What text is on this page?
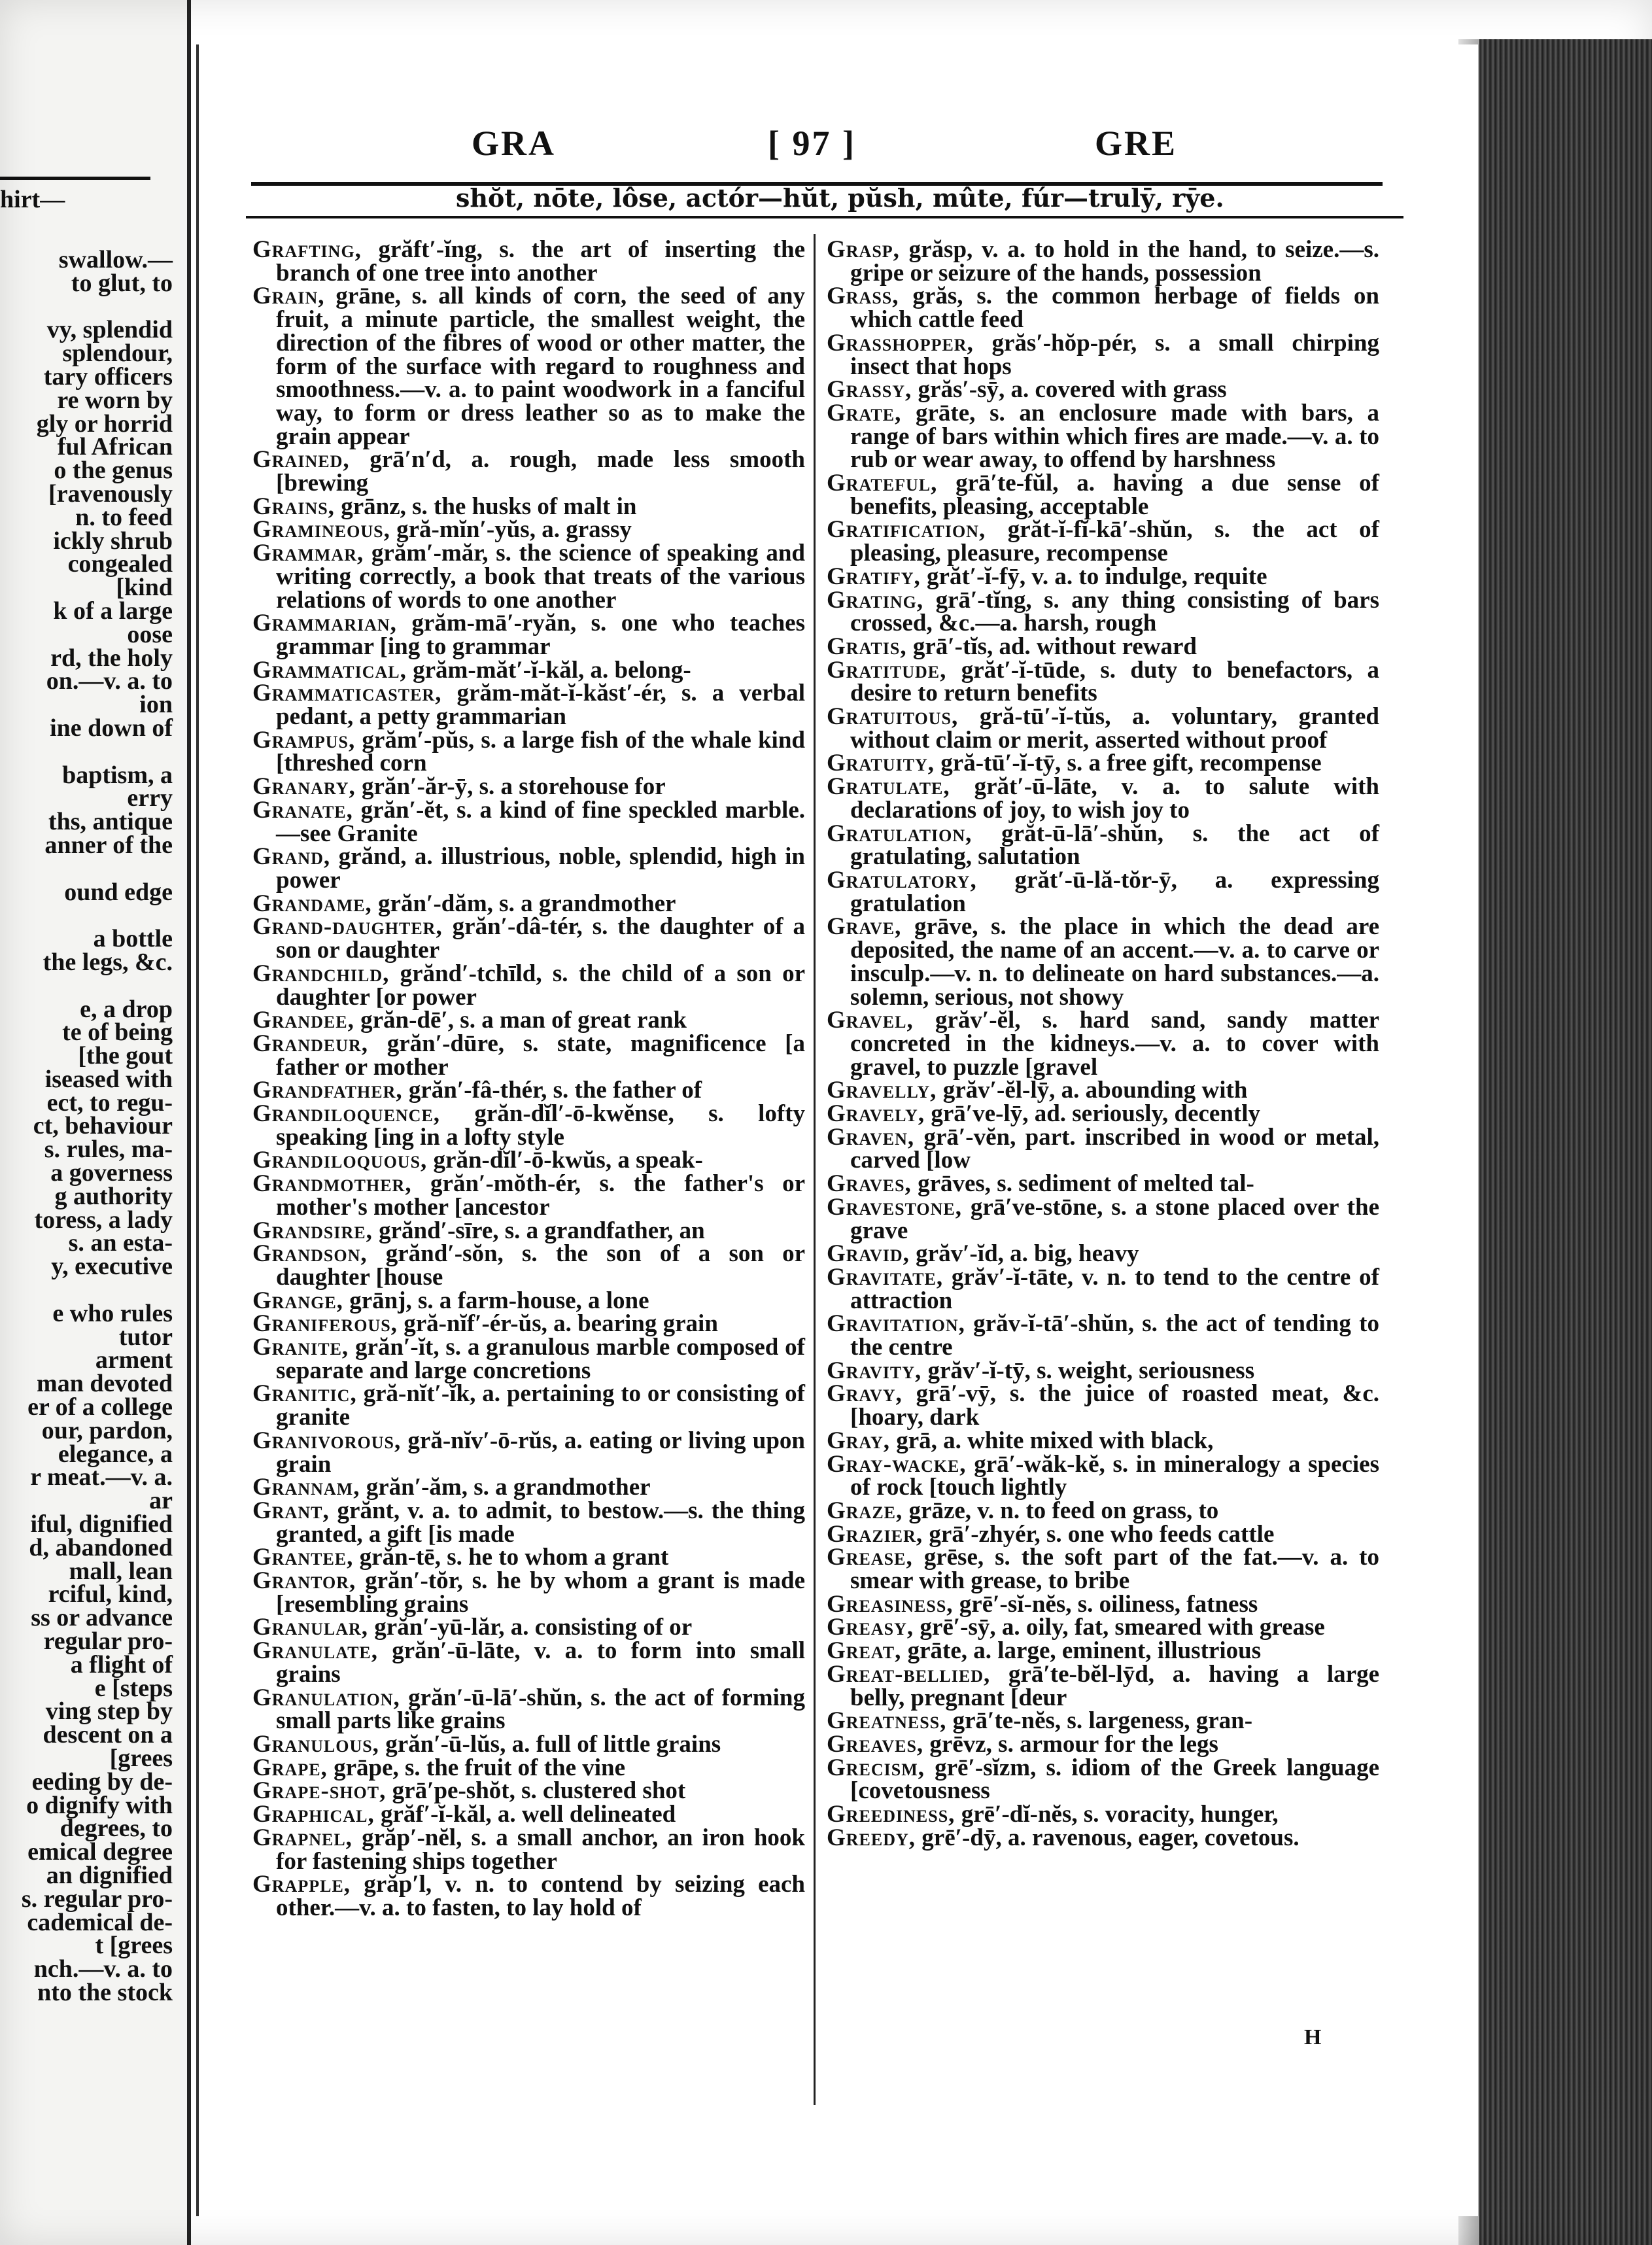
hirt—
swallow.—
to glut, to

vy, splendid
splendour,
tary officers
re worn by
gly or horrid
ful African
o the genus
[ravenously
n. to feed
ickly shrub
congealed
[kind
k of a large
oose
rd, the holy
on.—v. a. to
ion
ine down of

baptism, a
erry
ths, antique
anner of the

ound edge

a bottle
the legs, &c.

e, a drop
te of being
[the gout
iseased with
ect, to regu-
ct, behaviour
s. rules, ma-
a governess
g authority
toress, a lady
s. an esta-
y, executive

e who rules
tutor
arment
man devoted
er of a college
our, pardon,
elegance, a
r meat.—v. a.
ar
iful, dignified
d, abandoned
mall, lean
rciful, kind,
ss or advance
regular pro-
a flight of
e [steps
ving step by
descent on a
[grees
eeding by de-
o dignify with
degrees, to
emical degree
an dignified
s. regular pro-
cademical de-
t [grees
nch.—v. a. to
nto the stock
GRA	[ 97 ]	GRE
shŏt, nōte, lôse, actór—hŭt, pŭsh, mûte, fúr—trulȳ, rȳe.

Grafting, grăft′-ĭng, s. the art of inserting the branch of one tree into another

Grain, grāne, s. all kinds of corn, the seed of any fruit, a minute particle, the smallest weight, the direction of the fibres of wood or other matter, the form of the surface with regard to roughness and smoothness.—v. a. to paint woodwork in a fanciful way, to form or dress leather so as to make the grain appear

Grained, grā′n′d, a. rough, made less smooth [brewing

Grains, grānz, s. the husks of malt in

Gramineous, gră-mĭn′-yŭs, a. grassy

Grammar, grăm′-măr, s. the science of speaking and writing correctly, a book that treats of the various relations of words to one another

Grammarian, grăm-mā′-ryăn, s. one who teaches grammar [ing to grammar

Grammatical, grăm-măt′-ĭ-kăl, a. belong-

Grammaticaster, grăm-măt-ĭ-kăst′-ér, s. a verbal pedant, a petty grammarian

Grampus, grăm′-pŭs, s. a large fish of the whale kind [threshed corn

Granary, grăn′-ăr-ȳ, s. a storehouse for

Granate, grăn′-ĕt, s. a kind of fine speckled marble.—see Granite

Grand, grănd, a. illustrious, noble, splendid, high in power

Grandame, grăn′-dăm, s. a grandmother

Grand-daughter, grăn′-dâ-tér, s. the daughter of a son or daughter

Grandchild, grănd′-tchīld, s. the child of a son or daughter [or power

Grandee, grăn-dē′, s. a man of great rank

Grandeur, grăn′-dūre, s. state, magnificence [a father or mother

Grandfather, grăn′-fâ-thér, s. the father of

Grandiloquence, grăn-dĭl′-ō-kwĕnse, s. lofty speaking [ing in a lofty style

Grandiloquous, grăn-dĭl′-ō-kwŭs, a speak-

Grandmother, grăn′-mŏth-ér, s. the father's or mother's mother [ancestor

Grandsire, grănd′-sīre, s. a grandfather, an

Grandson, grănd′-sŏn, s. the son of a son or daughter [house

Grange, grānj, s. a farm-house, a lone

Graniferous, gră-nĭf′-ér-ŭs, a. bearing grain

Granite, grăn′-ĭt, s. a granulous marble composed of separate and large concretions

Granitic, gră-nĭt′-ĭk, a. pertaining to or consisting of granite

Granivorous, gră-nĭv′-ō-rŭs, a. eating or living upon grain

Grannam, grăn′-ăm, s. a grandmother

Grant, grănt, v. a. to admit, to bestow.—s. the thing granted, a gift [is made

Grantee, grăn-tē, s. he to whom a grant

Grantor, grăn′-tŏr, s. he by whom a grant is made [resembling grains

Granular, grăn′-yū-lăr, a. consisting of or

Granulate, grăn′-ū-lāte, v. a. to form into small grains

Granulation, grăn′-ū-lā′-shŭn, s. the act of forming small parts like grains

Granulous, grăn′-ū-lŭs, a. full of little grains

Grape, grāpe, s. the fruit of the vine

Grape-shot, grā′pe-shŏt, s. clustered shot

Graphical, grăf′-ĭ-kăl, a. well delineated

Grapnel, grăp′-nĕl, s. a small anchor, an iron hook for fastening ships together

Grapple, grăp′l, v. n. to contend by seizing each other.—v. a. to fasten, to lay hold of

Grasp, grăsp, v. a. to hold in the hand, to seize.—s. gripe or seizure of the hands, possession

Grass, grăs, s. the common herbage of fields on which cattle feed

Grasshopper, grăs′-hŏp-pér, s. a small chirping insect that hops

Grassy, grăs′-sȳ, a. covered with grass

Grate, grāte, s. an enclosure made with bars, a range of bars within which fires are made.—v. a. to rub or wear away, to offend by harshness

Grateful, grā′te-fŭl, a. having a due sense of benefits, pleasing, acceptable

Gratification, grăt-ĭ-fĭ-kā′-shŭn, s. the act of pleasing, pleasure, recompense

Gratify, grăt′-ĭ-fȳ, v. a. to indulge, requite

Grating, grā′-tĭng, s. any thing consisting of bars crossed, &c.—a. harsh, rough

Gratis, grā′-tĭs, ad. without reward

Gratitude, grăt′-ĭ-tūde, s. duty to benefactors, a desire to return benefits

Gratuitous, gră-tū′-ĭ-tŭs, a. voluntary, granted without claim or merit, asserted without proof

Gratuity, gră-tū′-ĭ-tȳ, s. a free gift, recompense

Gratulate, grăt′-ū-lāte, v. a. to salute with declarations of joy, to wish joy to

Gratulation, grăt-ū-lā′-shŭn, s. the act of gratulating, salutation

Gratulatory, grăt′-ū-lă-tŏr-ȳ, a. expressing gratulation

Grave, grāve, s. the place in which the dead are deposited, the name of an accent.—v. a. to carve or insculp.—v. n. to delineate on hard substances.—a. solemn, serious, not showy

Gravel, grăv′-ĕl, s. hard sand, sandy matter concreted in the kidneys.—v. a. to cover with gravel, to puzzle [gravel

Gravelly, grăv′-ĕl-lȳ, a. abounding with

Gravely, grā′ve-lȳ, ad. seriously, decently

Graven, grā′-vĕn, part. inscribed in wood or metal, carved [low

Graves, grāves, s. sediment of melted tal-

Gravestone, grā′ve-stōne, s. a stone placed over the grave

Gravid, grăv′-ĭd, a. big, heavy

Gravitate, grăv′-ĭ-tāte, v. n. to tend to the centre of attraction

Gravitation, grăv-ĭ-tā′-shŭn, s. the act of tending to the centre

Gravity, grăv′-ĭ-tȳ, s. weight, seriousness

Gravy, grā′-vȳ, s. the juice of roasted meat, &c. [hoary, dark

Gray, grā, a. white mixed with black,

Gray-wacke, grā′-wăk-kĕ, s. in mineralogy a species of rock [touch lightly

Graze, grāze, v. n. to feed on grass, to

Grazier, grā′-zhyér, s. one who feeds cattle

Grease, grēse, s. the soft part of the fat.—v. a. to smear with grease, to bribe

Greasiness, grē′-sĭ-nĕs, s. oiliness, fatness

Greasy, grē′-sȳ, a. oily, fat, smeared with grease

Great, grāte, a. large, eminent, illustrious

Great-bellied, grā′te-bĕl-lȳd, a. having a large belly, pregnant [deur

Greatness, grā′te-nĕs, s. largeness, gran-

Greaves, grēvz, s. armour for the legs

Grecism, grē′-sĭzm, s. idiom of the Greek language [covetousness

Greediness, grē′-dĭ-nĕs, s. voracity, hunger,

Greedy, grē′-dȳ, a. ravenous, eager, covetous.

H
